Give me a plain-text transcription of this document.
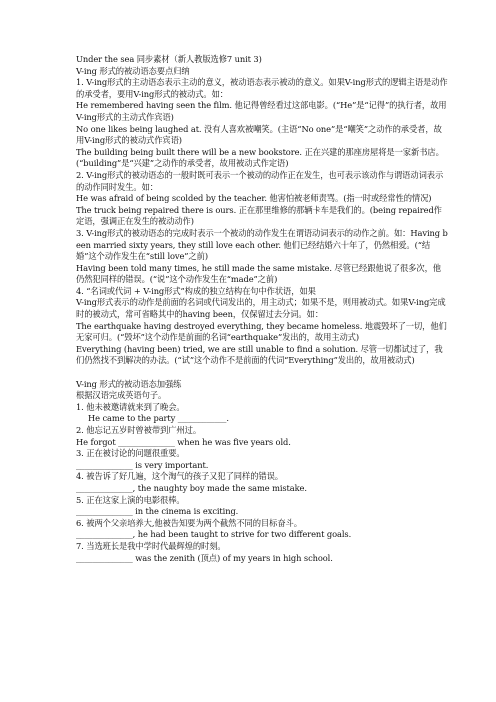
Under the sea 同步素材（新人教版选修7 unit 3)

V-ing 形式的被动语态要点归纳

1. V-ing形式的主动语态表示主动的意义，被动语态表示被动的意义。如果V-ing形式的逻辑主语是动作的承受者，要用V-ing形式的被动式。如：

He remembered having seen the film. 他记得曾经看过这部电影。(“He”是“记得”的执行者，故用V-ing形式的主动式作宾语)

No one likes being laughed at. 没有人喜欢被嘲笑。(主语“No one”是“嘲笑”之动作的承受者，故用V-ing形式的被动式作宾语)

The building being built there will be a new bookstore. 正在兴建的那座房屋将是一家新书店。(“building”是“兴建”之动作的承受者，故用被动式作定语)

2. V-ing形式的被动语态的一般时既可表示一个被动的动作正在发生，也可表示该动作与谓语动词表示的动作同时发生。如：

He was afraid of being scolded by the teacher. 他害怕被老师责骂。(指一时或经常性的情况)

The truck being repaired there is ours. 正在那里维修的那辆卡车是我们的。(being repaired作定语，强调正在发生的被动动作)

3. V-ing形式的被动语态的完成时表示一个被动的动作发生在谓语动词表示的动作之前。如：Having been married sixty years, they still love each other. 他们已经结婚六十年了，仍然相爱。(“结婚”这个动作发生在“still love”之前)

Having been told many times, he still made the same mistake. 尽管已经跟他说了很多次，他仍然犯同样的错误。(“说”这个动作发生在“made”之前)

4. “名词或代词 + V-ing形式”构成的独立结构在句中作状语，如果

V-ing形式表示的动作是前面的名词或代词发出的，用主动式；如果不是，则用被动式。如果V-ing完成时的被动式，常可省略其中的having been，仅保留过去分词。如：

The earthquake having destroyed everything, they became homeless. 地震毁坏了一切，他们无家可归。(“毁坏”这个动作是前面的名词“earthquake”发出的，故用主动式)

Everything (having been) tried, we are still unable to find a solution. 尽管一切都试过了，我们仍然找不到解决的办法。(“试”这个动作不是前面的代词“Everything”发出的，故用被动式)

V-ing 形式的被动语态加强练

根据汉语完成英语句子。

1. 他未被邀请就来到了晚会。

He came to the party ____________.

2. 他忘记五岁时曾被带到广州过。

He forgot ______________ when he was five years old.

3. 正在被讨论的问题很重要。

______________ is very important.

4. 被告诉了好几遍，这个淘气的孩子又犯了同样的错误。

______________, the naughty boy made the same mistake.

5. 正在这家上演的电影很棒。

______________ in the cinema is exciting.

6. 被两个父亲培养大,他被告知要为两个截然不同的目标奋斗。

______________, he had been taught to strive for two different goals.

7. 当选班长是我中学时代最辉煌的时刻。

______________ was the zenith (顶点) of my years in high school.
